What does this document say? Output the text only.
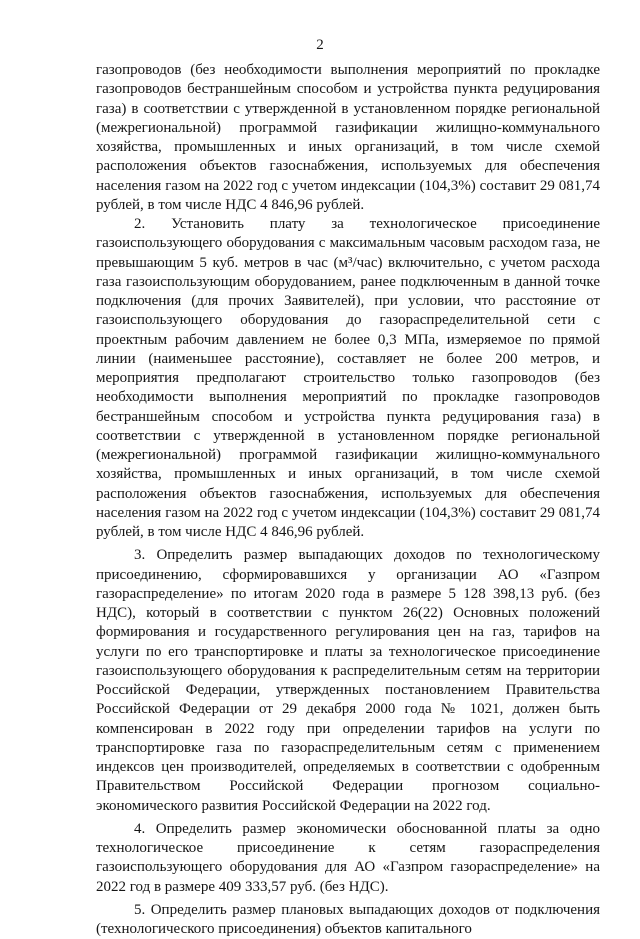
2

газопроводов (без необходимости выполнения мероприятий по прокладке газопроводов бестраншейным способом и устройства пункта редуцирования газа) в соответствии с утвержденной в установленном порядке региональной (межрегиональной) программой газификации жилищно-коммунального хозяйства, промышленных и иных организаций, в том числе схемой расположения объектов газоснабжения, используемых для обеспечения населения газом на 2022 год с учетом индексации (104,3%) составит 29 081,74 рублей, в том числе НДС 4 846,96 рублей.

2. Установить плату за технологическое присоединение газоиспользующего оборудования с максимальным часовым расходом газа, не превышающим 5 куб. метров в час (м³/час) включительно, с учетом расхода газа газоиспользующим оборудованием, ранее подключенным в данной точке подключения (для прочих Заявителей), при условии, что расстояние от газоиспользующего оборудования до газораспределительной сети с проектным рабочим давлением не более 0,3 МПа, измеряемое по прямой линии (наименьшее расстояние), составляет не более 200 метров, и мероприятия предполагают строительство только газопроводов (без необходимости выполнения мероприятий по прокладке газопроводов бестраншейным способом и устройства пункта редуцирования газа) в соответствии с утвержденной в установленном порядке региональной (межрегиональной) программой газификации жилищно-коммунального хозяйства, промышленных и иных организаций, в том числе схемой расположения объектов газоснабжения, используемых для обеспечения населения газом на 2022 год с учетом индексации (104,3%) составит 29 081,74 рублей, в том числе НДС 4 846,96 рублей.

3. Определить размер выпадающих доходов по технологическому присоединению, сформировавшихся у организации АО «Газпром газораспределение» по итогам 2020 года в размере 5 128 398,13 руб. (без НДС), который в соответствии с пунктом 26(22) Основных положений формирования и государственного регулирования цен на газ, тарифов на услуги по его транспортировке и платы за технологическое присоединение газоиспользующего оборудования к распределительным сетям на территории Российской Федерации, утвержденных постановлением Правительства Российской Федерации от 29 декабря 2000 года № 1021, должен быть компенсирован в 2022 году при определении тарифов на услуги по транспортировке газа по газораспределительным сетям с применением индексов цен производителей, определяемых в соответствии с одобренным Правительством Российской Федерации прогнозом социально-экономического развития Российской Федерации на 2022 год.

4. Определить размер экономически обоснованной платы за одно технологическое присоединение к сетям газораспределения газоиспользующего оборудования для АО «Газпром газораспределение» на 2022 год в размере 409 333,57 руб. (без НДС).

5. Определить размер плановых выпадающих доходов от подключения (технологического присоединения) объектов капитального
